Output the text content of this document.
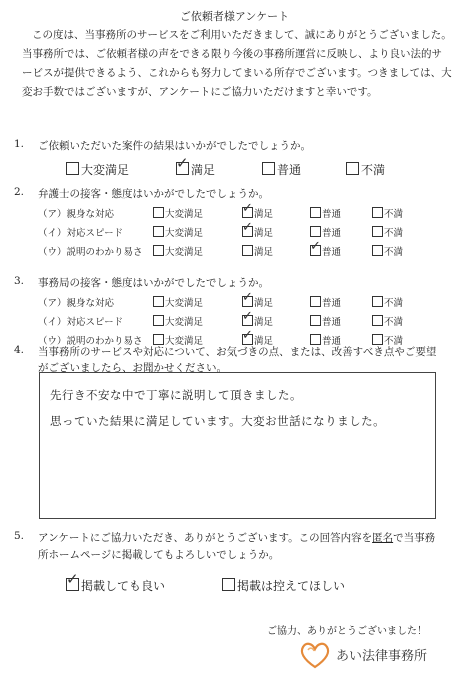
ご依頼者様アンケート
この度は、当事務所のサービスをご利用いただきまして、誠にありがとうございました。当事務所では、ご依頼者様の声をできる限り今後の事務所運営に反映し、より良い法的サービスが提供できるよう、これからも努力してまいる所存でございます。つきましては、大変お手数ではございますが、アンケートにご協力いただけますと幸いです。
1. ご依頼いただいた案件の結果はいかがでしたでしょうか。
大変満足	✓ 満足	普通	不満
2. 弁護士の接客・態度はいかがでしたでしょうか。
（ア）親身な対応	大変満足	✓ 満足	普通	不満
（イ）対応スピード	大変満足	✓ 満足	普通	不満
（ウ）説明のわかり易さ	大変満足	満足	✓ 普通	不満
3. 事務局の接客・態度はいかがでしたでしょうか。
（ア）親身な対応	大変満足	✓ 満足	普通	不満
（イ）対応スピード	大変満足	✓ 満足	普通	不満
（ウ）説明のわかり易さ	大変満足	✓ 満足	普通	不満
4. 当事務所のサービスや対応について、お気づきの点、または、改善すべき点やご要望
がございましたら、お聞かせください。
先行き不安な中で丁寧に説明して頂きました。
思っていた結果に満足しています。大変お世話になりました。
5. アンケートにご協力いただき、ありがとうございます。この回答内容を匿名で当事務
所ホームページに掲載してもよろしいでしょうか。
✓ 掲載しても良い	掲載は控えてほしい
ご協力、ありがとうございました！
あい法律事務所
